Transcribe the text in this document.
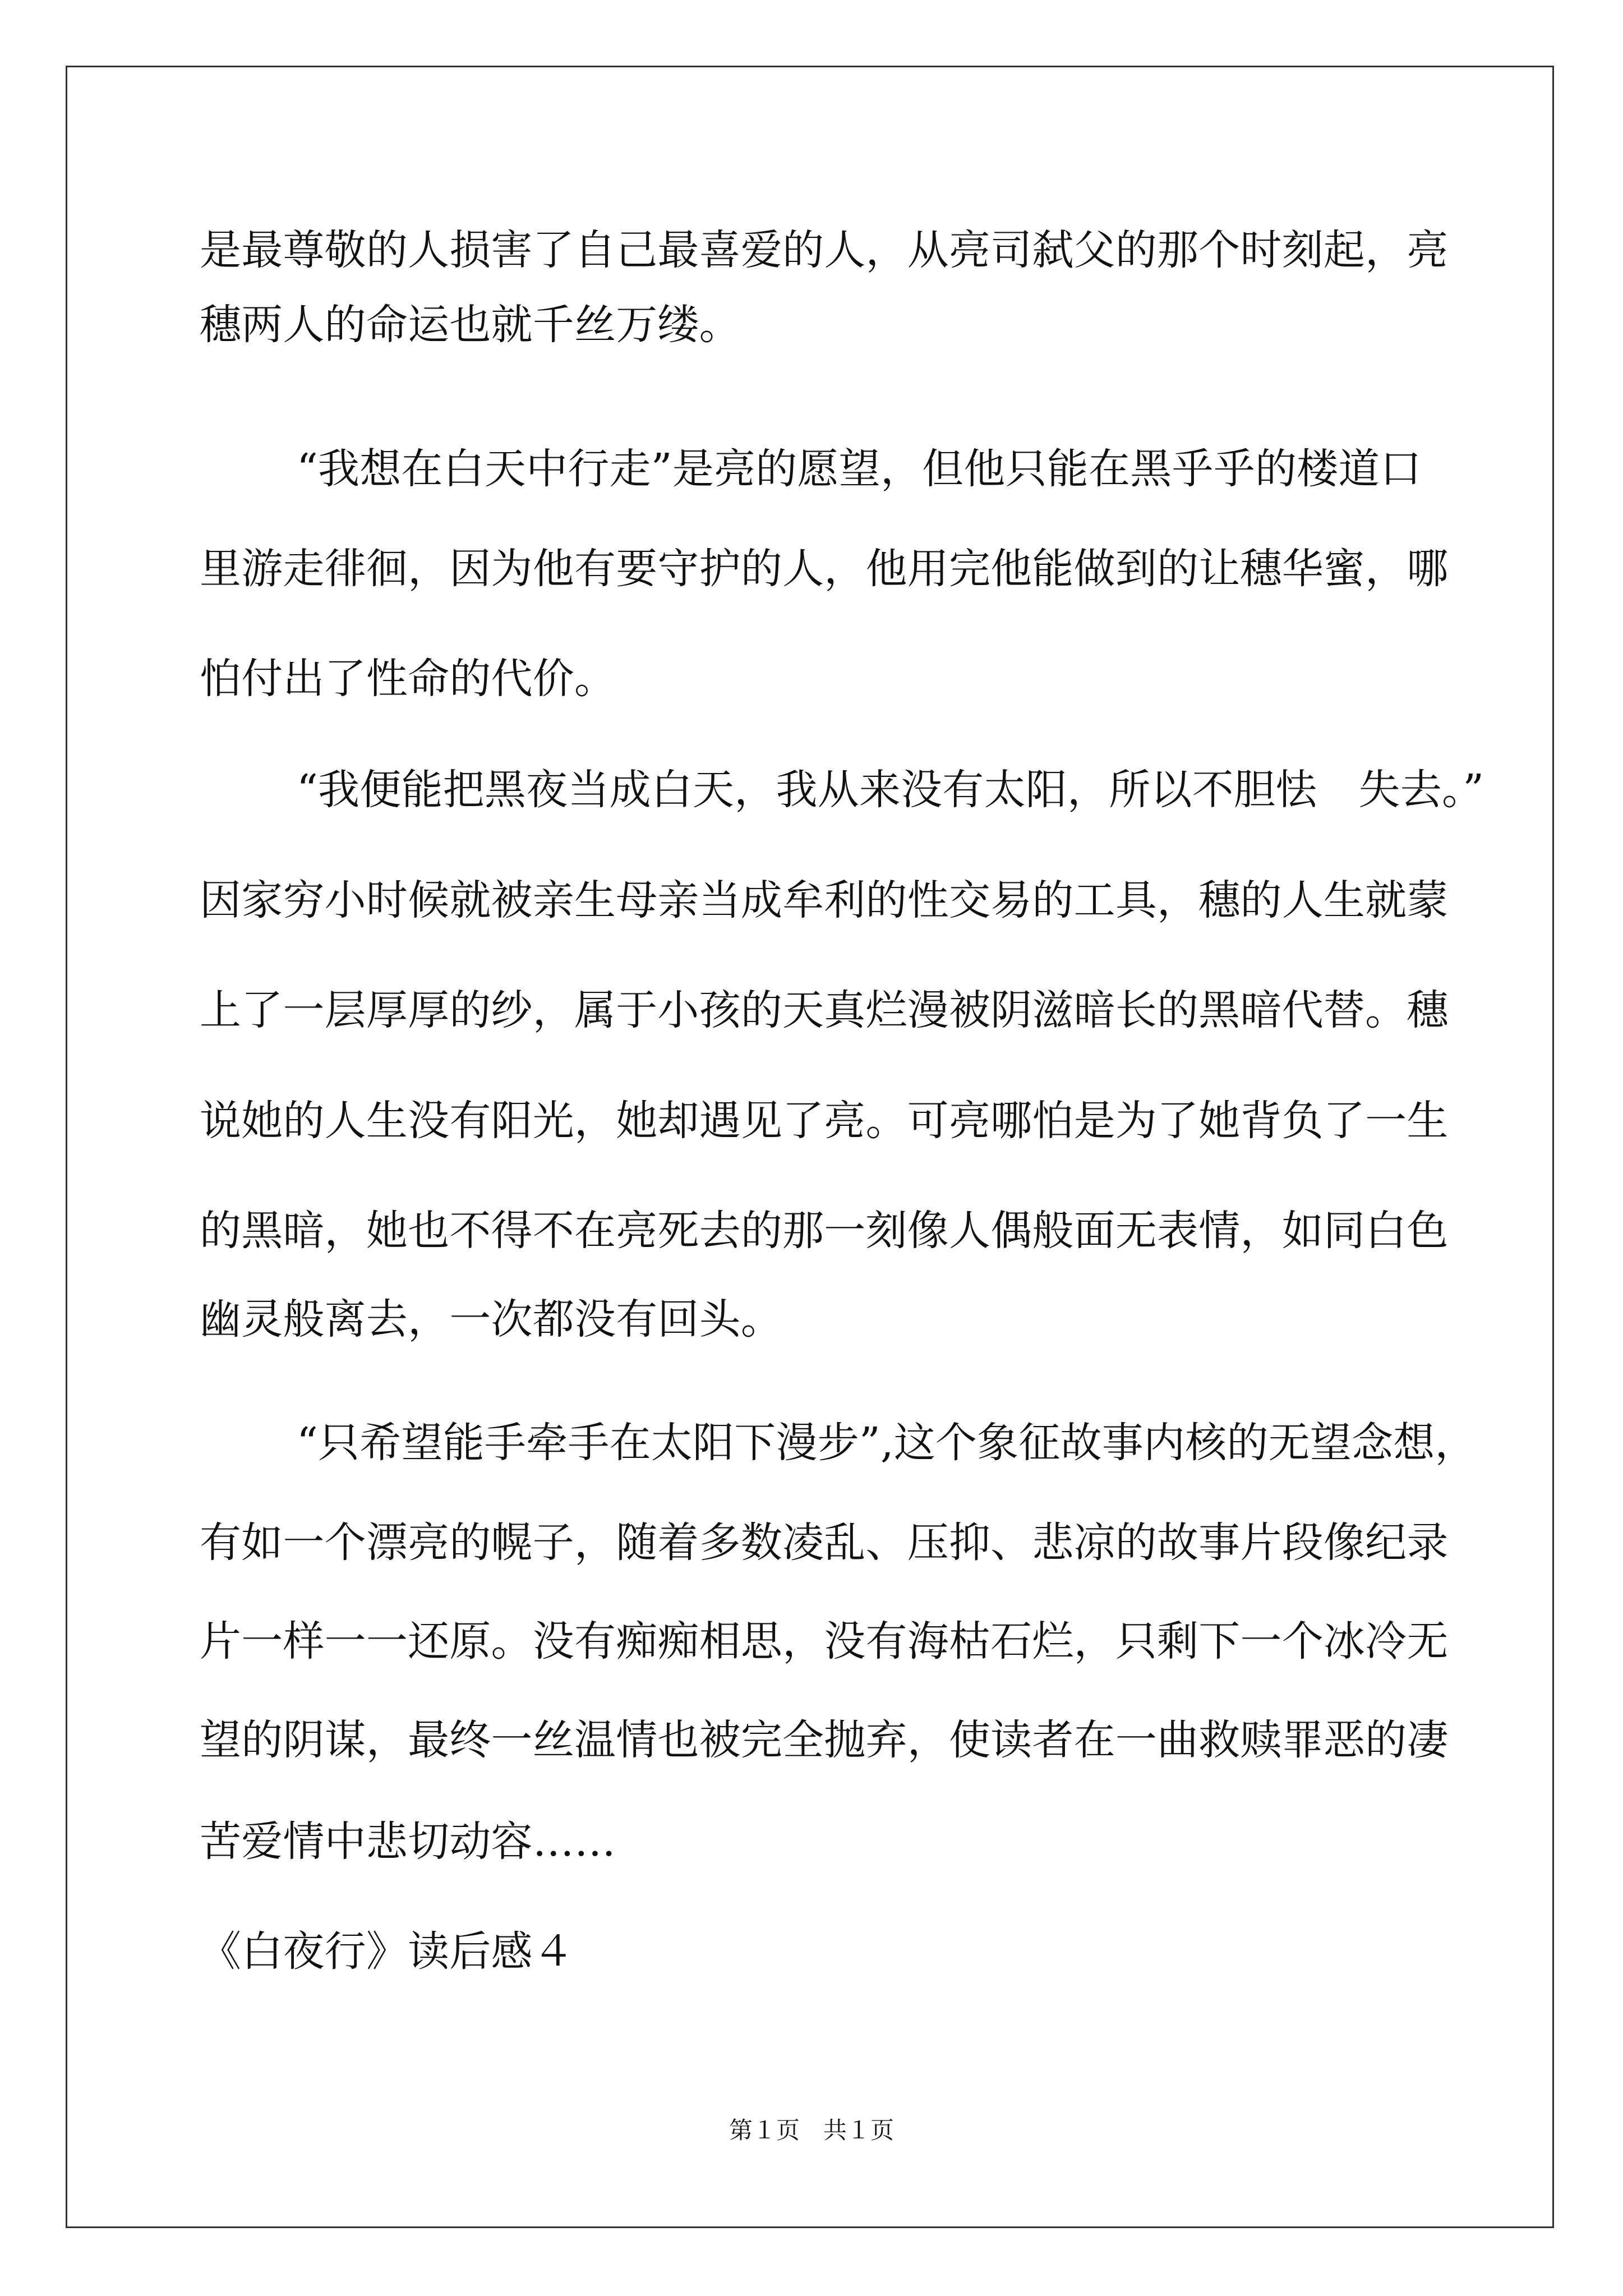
是最尊敬的人损害了自己最喜爱的人，从亮司弑父的那个时刻起，亮
穗两人的命运也就千丝万缕。
“我想在白天中行走”是亮的愿望，但他只能在黑乎乎的楼道口
里游走徘徊，因为他有要守护的人，他用完他能做到的让穗华蜜，哪
怕付出了性命的代价。
“我便能把黑夜当成白天，我从来没有太阳，所以不胆怯　失去。”
因家穷小时候就被亲生母亲当成牟利的性交易的工具，穗的人生就蒙
上了一层厚厚的纱，属于小孩的天真烂漫被阴滋暗长的黑暗代替。穗
说她的人生没有阳光，她却遇见了亮。可亮哪怕是为了她背负了一生
的黑暗，她也不得不在亮死去的那一刻像人偶般面无表情，如同白色
幽灵般离去，一次都没有回头。
“只希望能手牵手在太阳下漫步”,这个象征故事内核的无望念想，
有如一个漂亮的幌子，随着多数凌乱、压抑、悲凉的故事片段像纪录
片一样一一还原。没有痴痴相思，没有海枯石烂，只剩下一个冰冷无
望的阴谋，最终一丝温情也被完全抛弃，使读者在一曲救赎罪恶的凄
苦爱情中悲切动容……
《白夜行》读后感４
第１页　共１页
